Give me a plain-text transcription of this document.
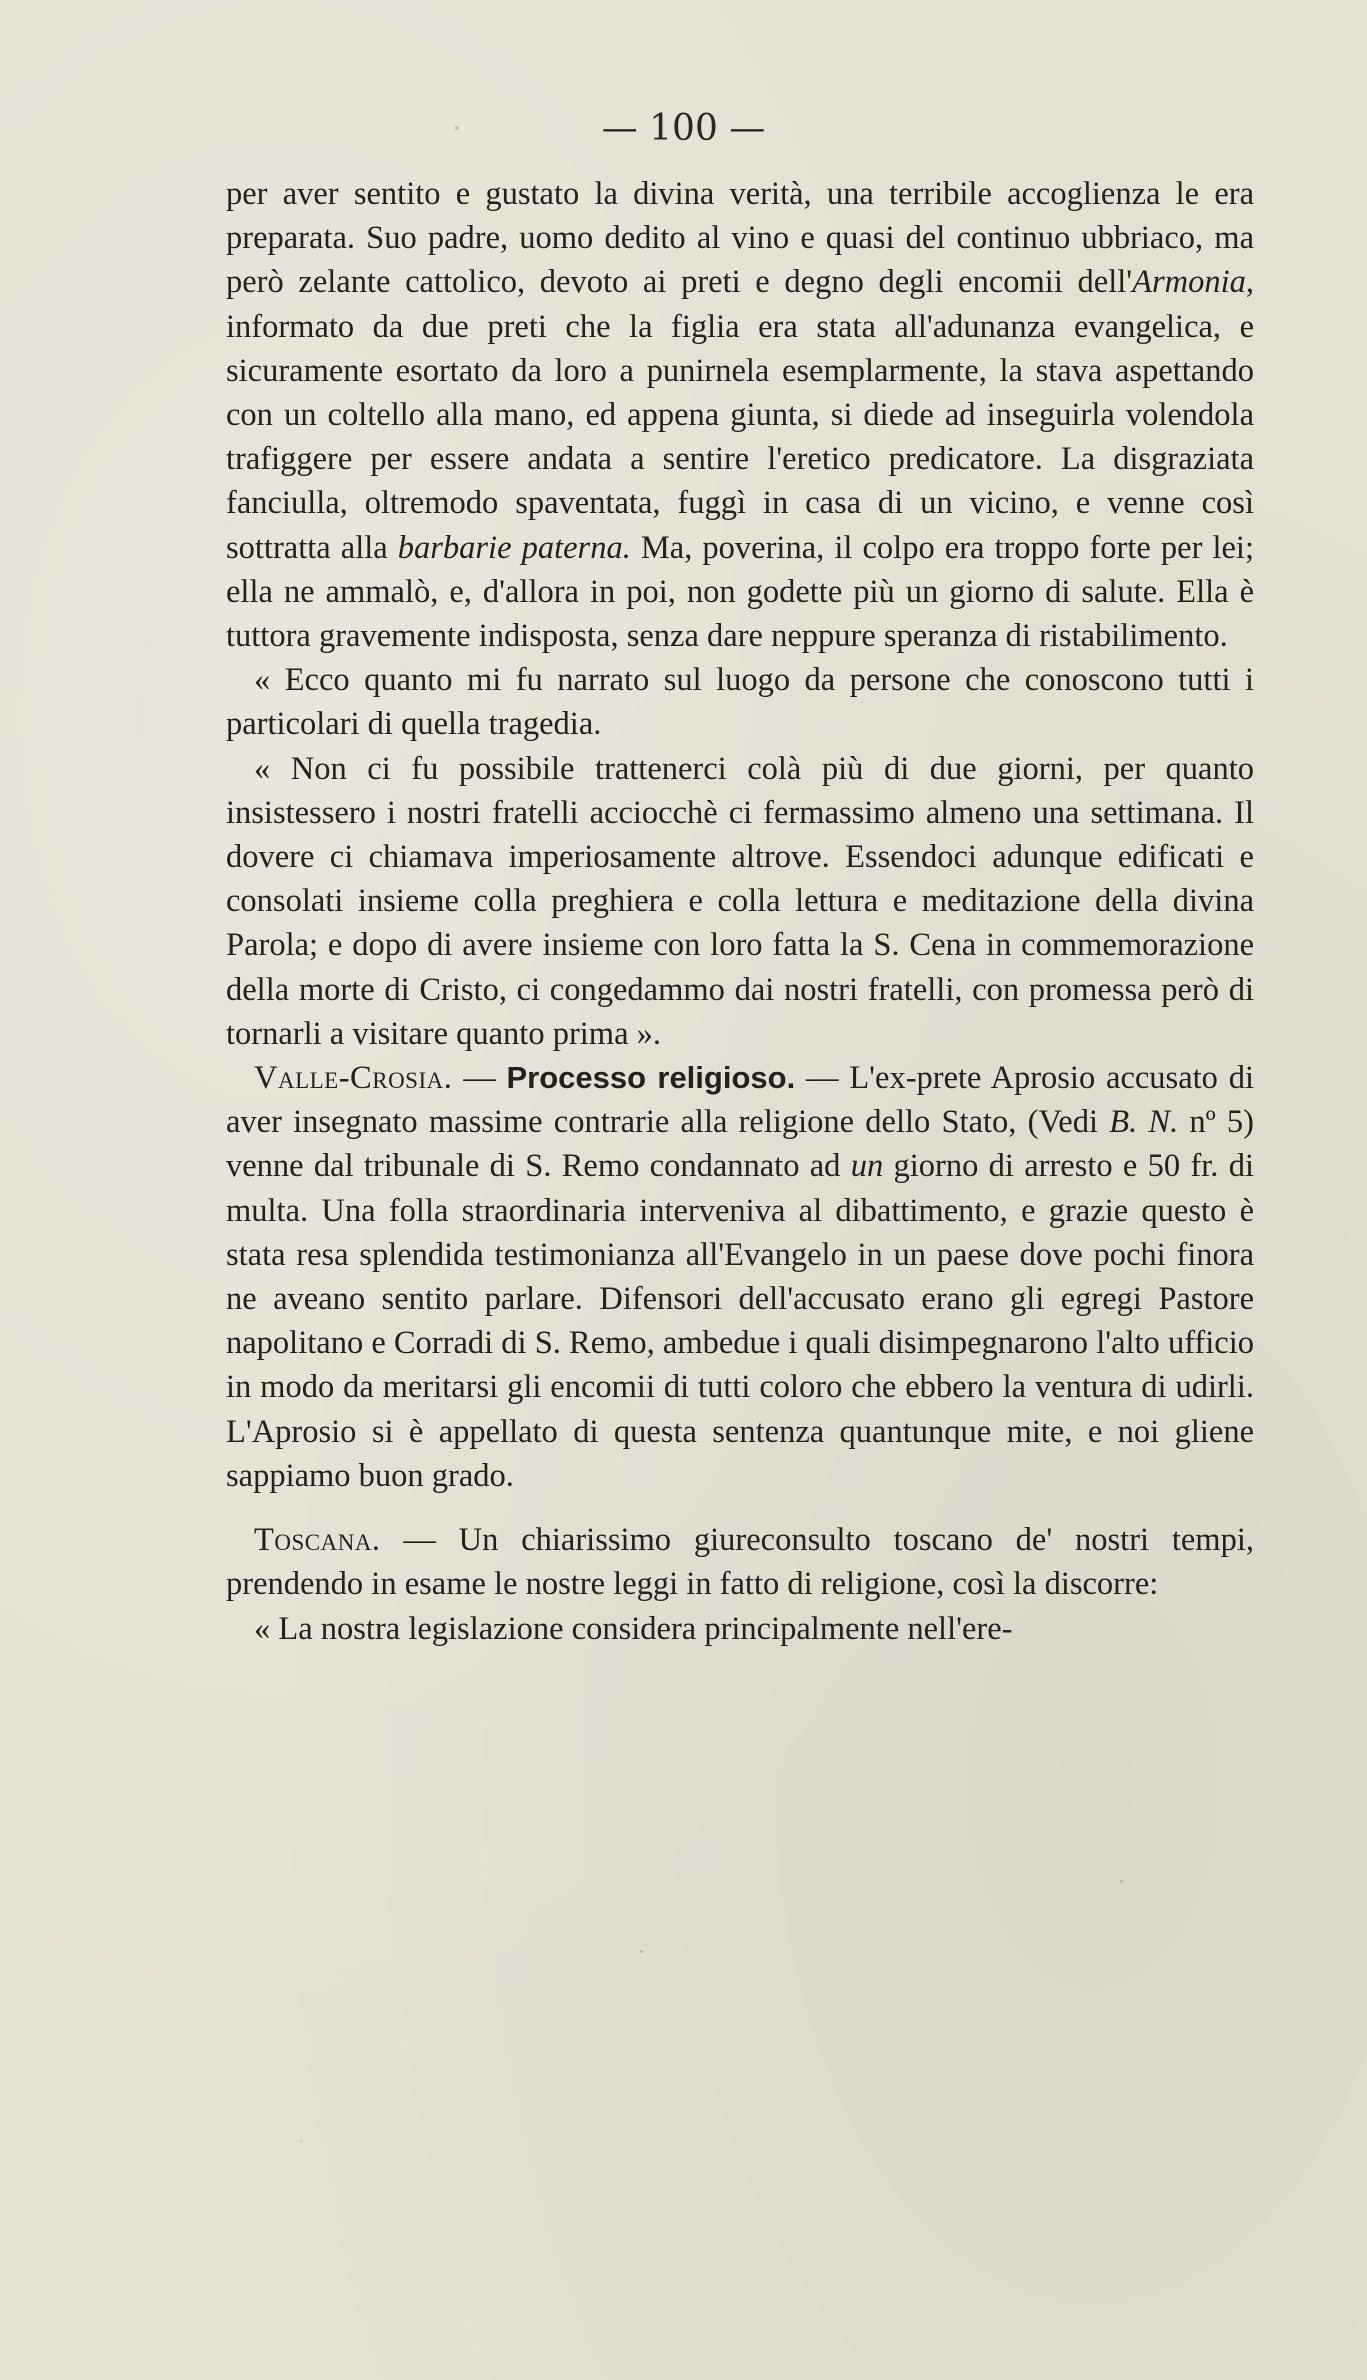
— 100 —

per aver sentito e gustato la divina verità, una terribile accoglienza le era preparata. Suo padre, uomo dedito al vino e quasi del continuo ubbriaco, ma però zelante cattolico, devoto ai preti e degno degli encomii dell'Armonia, informato da due preti che la figlia era stata all'adunanza evangelica, e sicuramente esortato da loro a punirnela esemplarmente, la stava aspettando con un coltello alla mano, ed appena giunta, si diede ad inseguirla volendola trafiggere per essere andata a sentire l'eretico predicatore. La disgraziata fanciulla, oltremodo spaventata, fuggì in casa di un vicino, e venne così sottratta alla barbarie paterna. Ma, poverina, il colpo era troppo forte per lei; ella ne ammalò, e, d'allora in poi, non godette più un giorno di salute. Ella è tuttora gravemente indisposta, senza dare neppure speranza di ristabilimento.

« Ecco quanto mi fu narrato sul luogo da persone che conoscono tutti i particolari di quella tragedia.

« Non ci fu possibile trattenerci colà più di due giorni, per quanto insistessero i nostri fratelli acciocchè ci fermassimo almeno una settimana. Il dovere ci chiamava imperiosamente altrove. Essendoci adunque edificati e consolati insieme colla preghiera e colla lettura e meditazione della divina Parola; e dopo di avere insieme con loro fatta la S. Cena in commemorazione della morte di Cristo, ci congedammo dai nostri fratelli, con promessa però di tornarli a visitare quanto prima ».

Valle-Crosia. — Processo religioso. — L'ex-prete Aprosio accusato di aver insegnato massime contrarie alla religione dello Stato, (Vedi B. N. nº 5) venne dal tribunale di S. Remo condannato ad un giorno di arresto e 50 fr. di multa. Una folla straordinaria interveniva al dibattimento, e grazie questo è stata resa splendida testimonianza all'Evangelo in un paese dove pochi finora ne aveano sentito parlare. Difensori dell'accusato erano gli egregi Pastore napolitano e Corradi di S. Remo, ambedue i quali disimpegnarono l'alto ufficio in modo da meritarsi gli encomii di tutti coloro che ebbero la ventura di udirli. L'Aprosio si è appellato di questa sentenza quantunque mite, e noi gliene sappiamo buon grado.

Toscana. — Un chiarissimo giureconsulto toscano de' nostri tempi, prendendo in esame le nostre leggi in fatto di religione, così la discorre:

« La nostra legislazione considera principalmente nell'ere-
